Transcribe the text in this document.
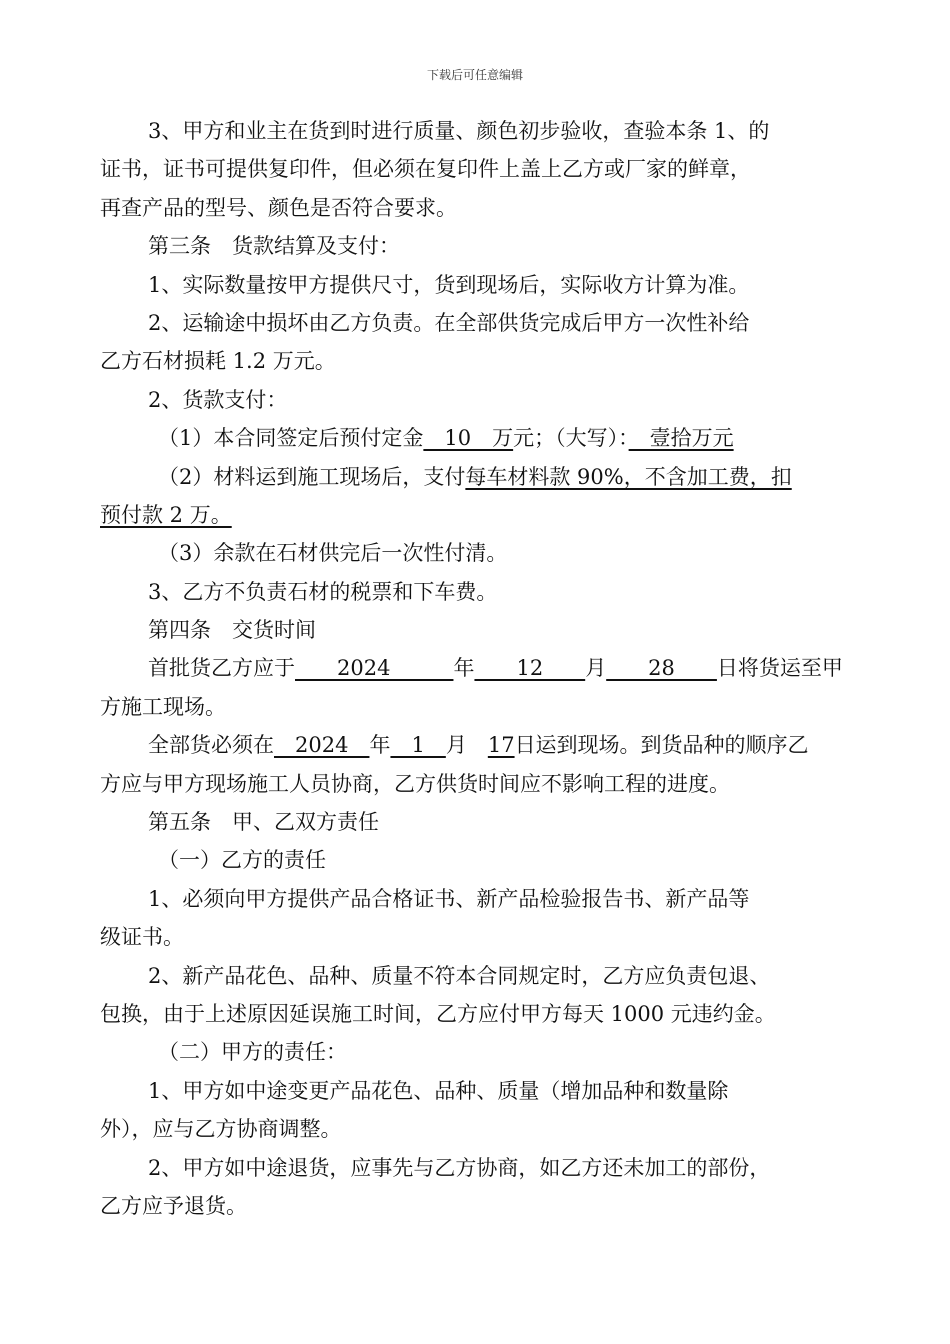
下载后可任意编辑
3、甲方和业主在货到时进行质量、颜色初步验收，查验本条 1、的
证书，证书可提供复印件，但必须在复印件上盖上乙方或厂家的鲜章，
再查产品的型号、颜色是否符合要求。
第三条　货款结算及支付：
1、实际数量按甲方提供尺寸，货到现场后，实际收方计算为准。
2、运输途中损坏由乙方负责。在全部供货完成后甲方一次性补给
乙方石材损耗 1.2 万元。
2、货款支付：
（1）本合同签定后预付定金　10　万元；（大写）：　壹拾万元
（2）材料运到施工现场后，支付每车材料款 90%，不含加工费，扣
预付款 2 万。
（3）余款在石材供完后一次性付清。
3、乙方不负责石材的税票和下车费。
第四条　交货时间
首批货乙方应于　　2024　　　年　　12　　月　　28　　日将货运至甲
方施工现场。
全部货必须在　2024　年　1　月　17日运到现场。到货品种的顺序乙
方应与甲方现场施工人员协商，乙方供货时间应不影响工程的进度。
第五条　甲、乙双方责任
（一）乙方的责任
1、必须向甲方提供产品合格证书、新产品检验报告书、新产品等
级证书。
2、新产品花色、品种、质量不符本合同规定时，乙方应负责包退、
包换，由于上述原因延误施工时间，乙方应付甲方每天 1000 元违约金。
（二）甲方的责任：
1、甲方如中途变更产品花色、品种、质量（增加品种和数量除
外），应与乙方协商调整。
2、甲方如中途退货，应事先与乙方协商，如乙方还未加工的部份，
乙方应予退货。
